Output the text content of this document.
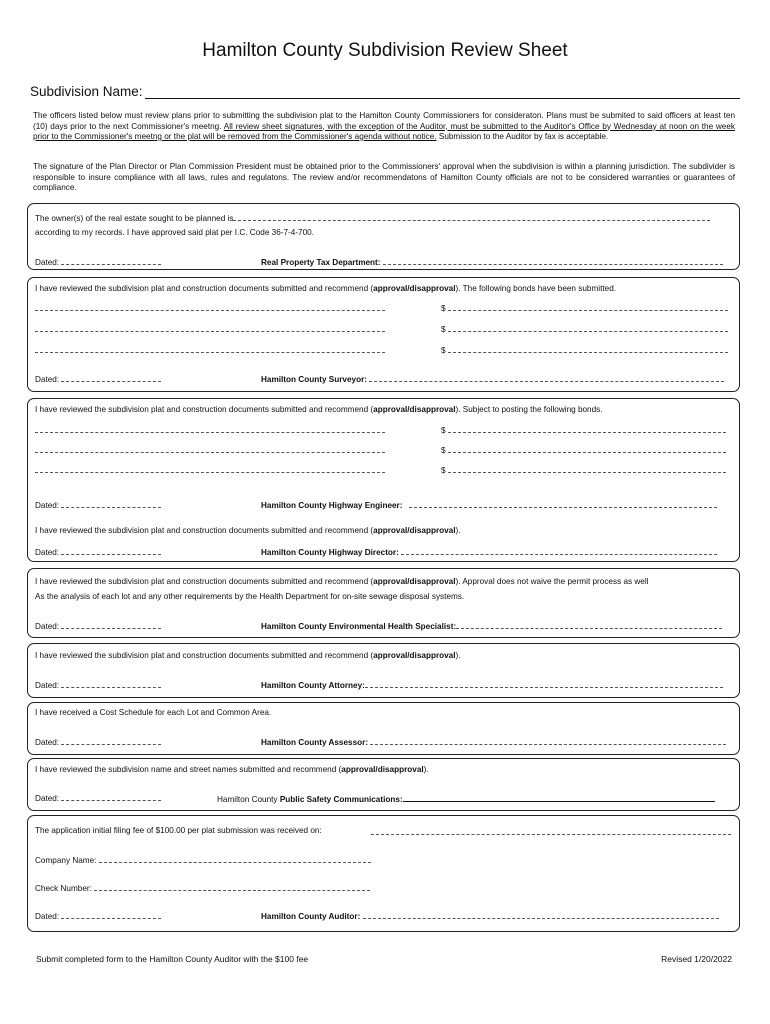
Hamilton County Subdivision Review Sheet
Subdivision Name:
The officers listed below must review plans prior to submitting the subdivision plat to the Hamilton County Commissioners for consideraton. Plans must be submited to said officers at least ten (10) days prior to the next Commissioner's meetng. All review sheet signatures, with the exception of the Auditor, must be submitted to the Auditor's Office by Wednesday at noon on the week prior to the Commissioner's meetng or the plat will be removed from the Commissioner's agenda without notice. Submission to the Auditor by fax is acceptable.
The signature of the Plan Director or Plan Commission President must be obtained prior to the Commissioners' approval when the subdivision is within a planning jurisdiction. The subdivider is responsible to insure compliance with all laws, rules and regulatons. The review and/or recommendatons of Hamilton County officials are not to be considered warranties or guarantees of compliance.
The owner(s) of the real estate sought to be planned is
according to my records. I have approved said plat per I.C. Code 36-7-4-700.
Dated:	Real Property Tax Department:
I have reviewed the subdivision plat and construction documents submitted and recommend (approval/disapproval). The following bonds have been submitted.
$
$
$
Dated:	Hamilton County Surveyor:
I have reviewed the subdivision plat and construction documents submitted and recommend (approval/disapproval). Subject to posting the following bonds.
$
$
$
Dated:	Hamilton County Highway Engineer:
I have reviewed the subdivision plat and construction documents submitted and recommend (approval/disapproval).
Dated:	Hamilton County Highway Director:
I have reviewed the subdivision plat and construction documents submitted and recommend (approval/disapproval). Approval does not waive the permit process as well
As the analysis of each lot and any other requirements by the Health Department for on-site sewage disposal systems.
Dated:	Hamilton County Environmental Health Specialist:
I have reviewed the subdivision plat and construction documents submitted and recommend (approval/disapproval).
Dated:	Hamilton County Attorney:
I have received a Cost Schedule for each Lot and Common Area.
Dated:	Hamilton County Assessor:
I have reviewed the subdivision name and street names submitted and recommend (approval/disapproval).
Dated:	Hamilton County Public Safety Communications:
The application initial filing fee of $100.00 per plat submission was received on:
Company Name:
Check Number:
Dated:	Hamilton County Auditor:
Submit completed form to the Hamilton County Auditor with the $100 fee	Revised 1/20/2022
